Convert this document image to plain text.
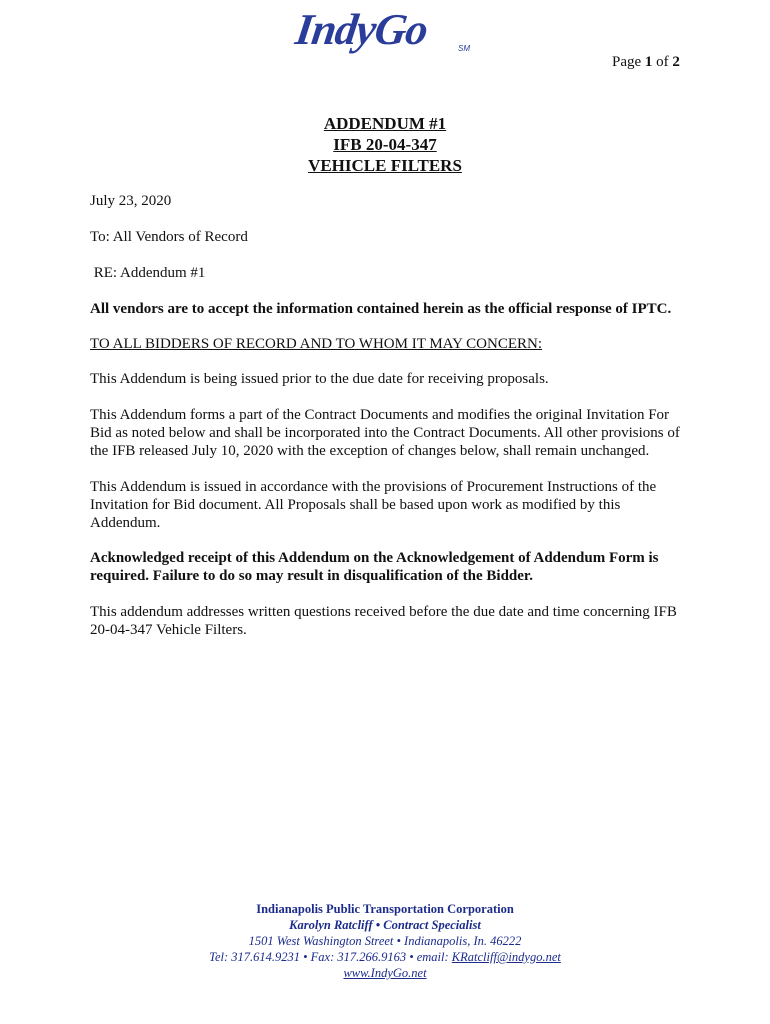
IndyGo	SM
Page 1 of 2
ADDENDUM #1
IFB 20-04-347
VEHICLE FILTERS
July 23, 2020
To: All Vendors of Record
RE: Addendum #1
All vendors are to accept the information contained herein as the official response of IPTC.
TO ALL BIDDERS OF RECORD AND TO WHOM IT MAY CONCERN:
This Addendum is being issued prior to the due date for receiving proposals.
This Addendum forms a part of the Contract Documents and modifies the original Invitation For Bid as noted below and shall be incorporated into the Contract Documents. All other provisions of the IFB released July 10, 2020 with the exception of changes below, shall remain unchanged.
This Addendum is issued in accordance with the provisions of Procurement Instructions of the Invitation for Bid document. All Proposals shall be based upon work as modified by this Addendum.
Acknowledged receipt of this Addendum on the Acknowledgement of Addendum Form is required. Failure to do so may result in disqualification of the Bidder.
This addendum addresses written questions received before the due date and time concerning IFB 20-04-347 Vehicle Filters.
Indianapolis Public Transportation Corporation
Karolyn Ratcliff • Contract Specialist
1501 West Washington Street • Indianapolis, In. 46222
Tel: 317.614.9231 • Fax: 317.266.9163 • email: KRatcliff@indygo.net
www.IndyGo.net
